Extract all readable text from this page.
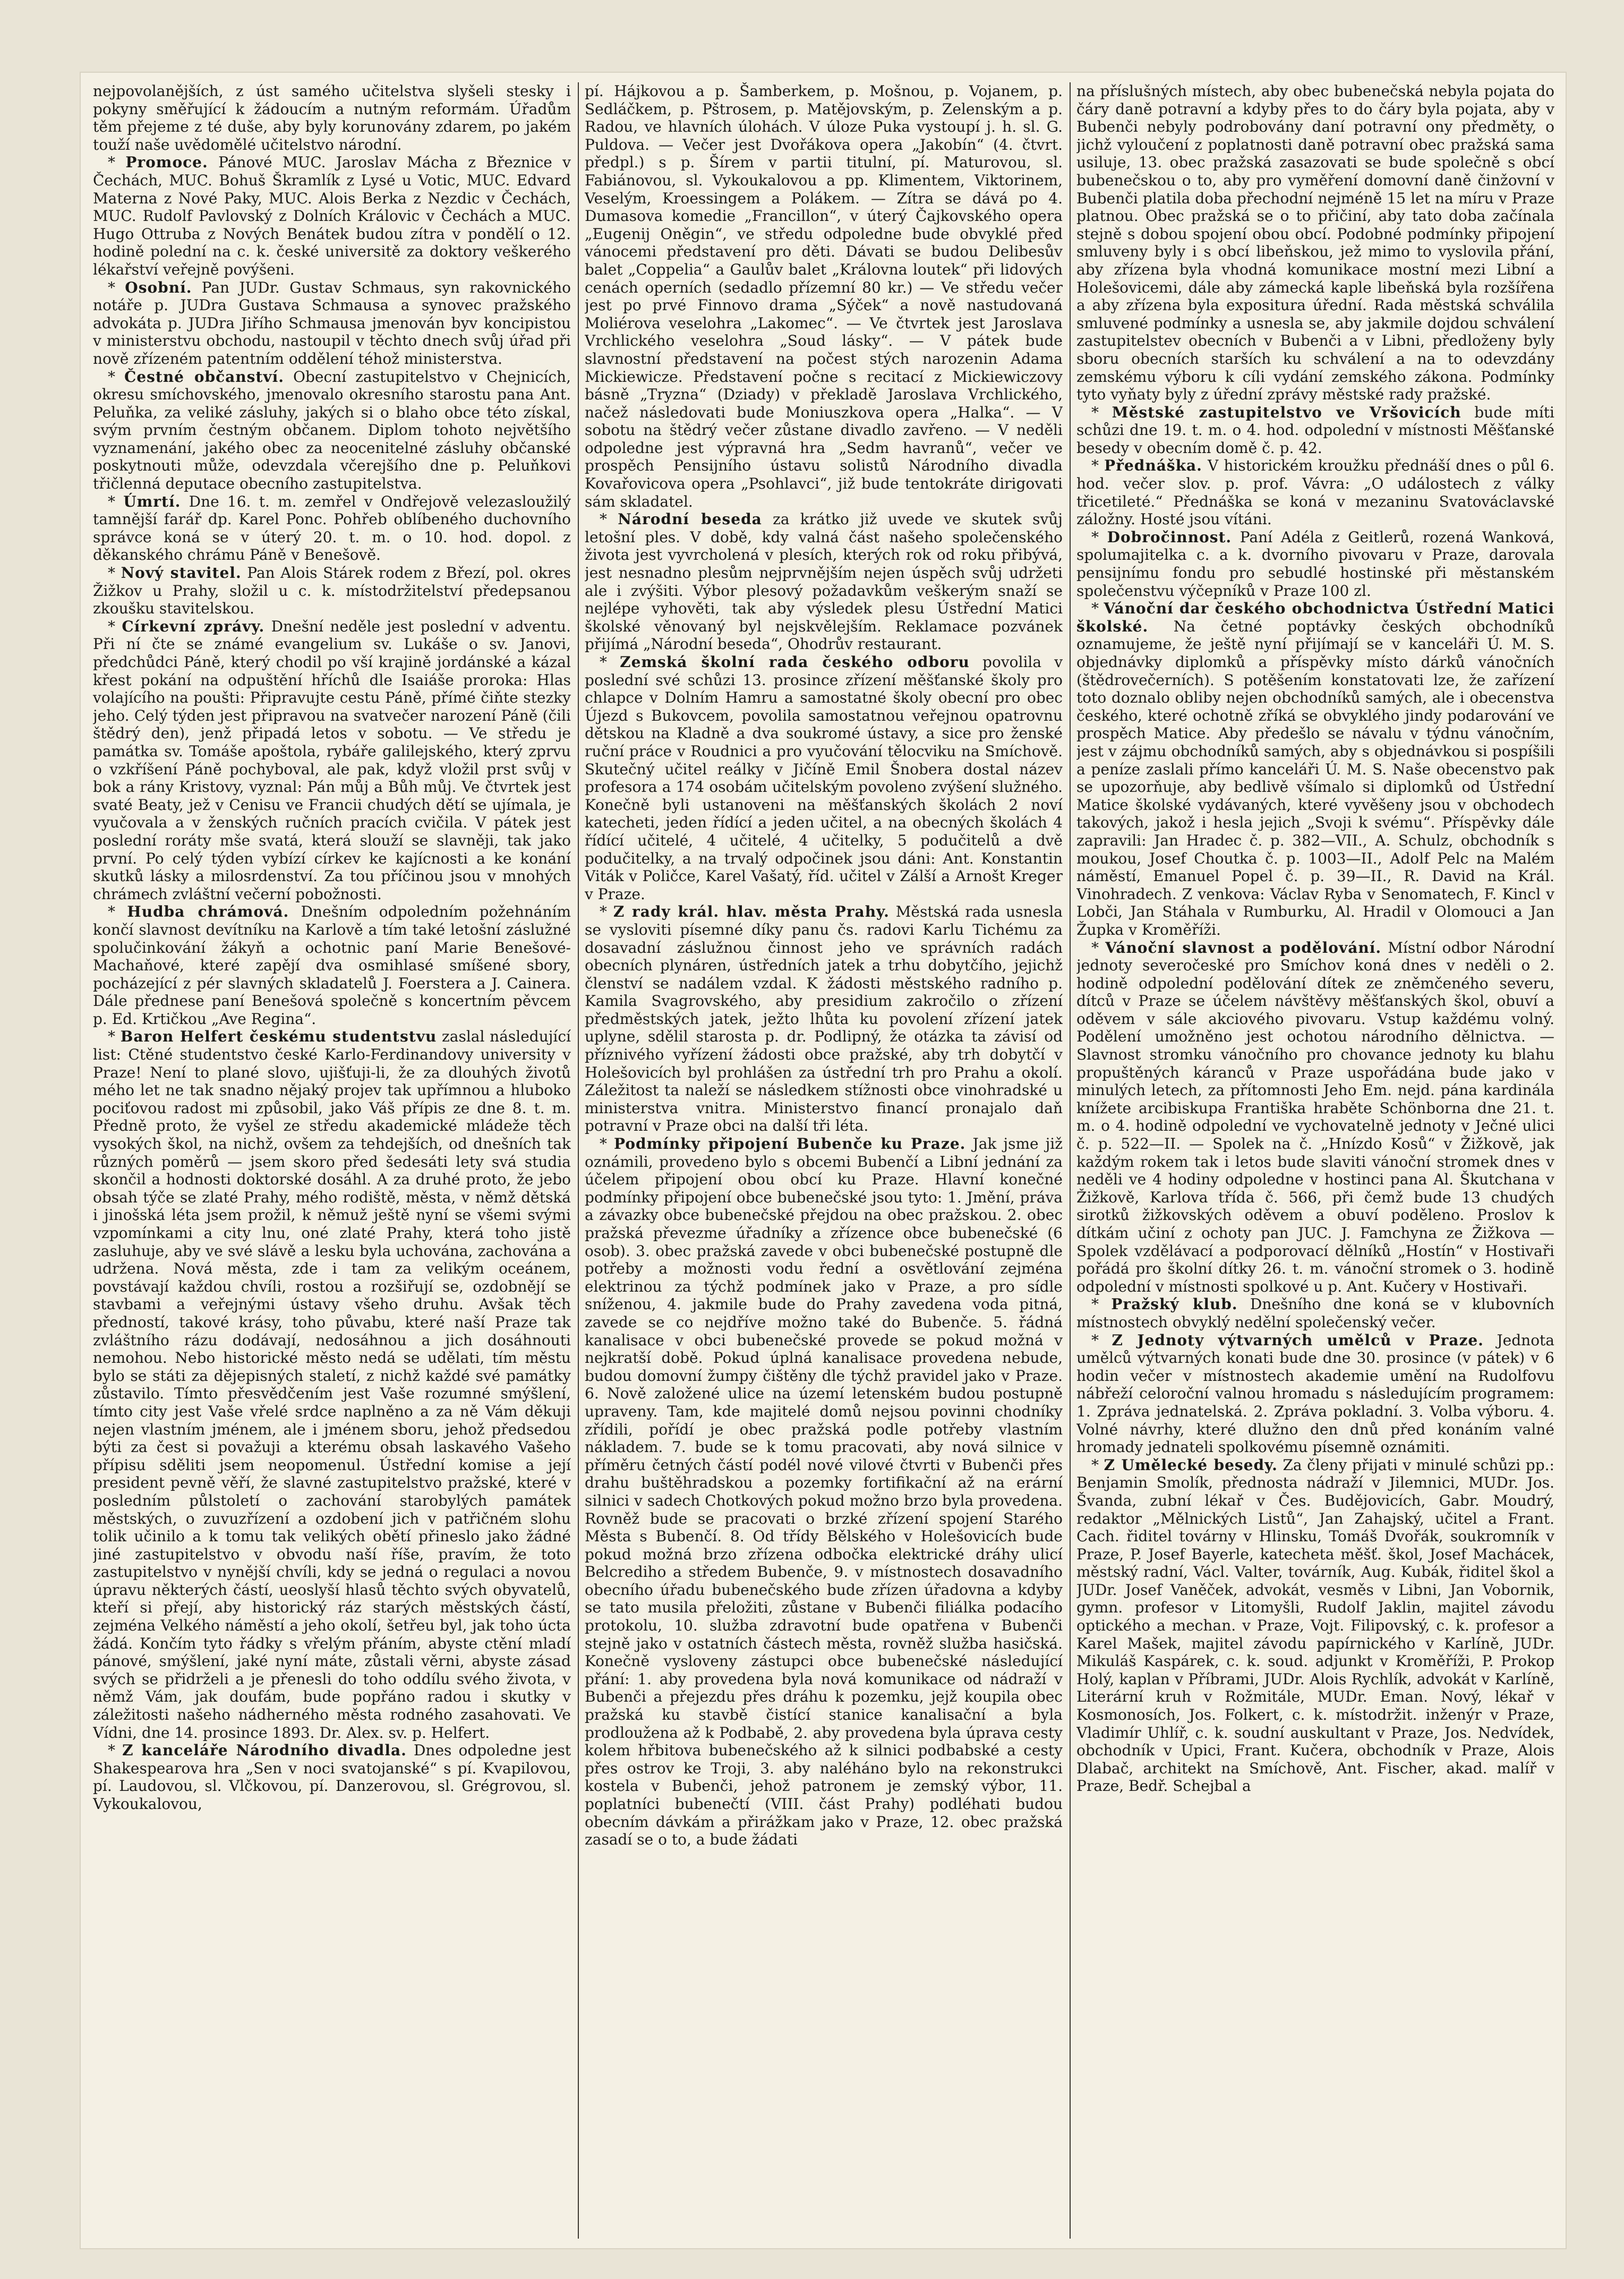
nejpovolanějších, z úst samého učitelstva slyšeli stesky i pokyny směřující k žádoucím a nutným reformám. Úřadům těm přejeme z té duše, aby byly korunovány zdarem, po jakém touží naše uvědomělé učitelstvo národní.

* Promoce. Pánové MUC. Jaroslav Mácha z Březnice v Čechách, MUC. Bohuš Škramlík z Lysé u Votic, MUC. Edvard Materna z Nové Paky, MUC. Alois Berka z Nezdic v Čechách, MUC. Rudolf Pavlovský z Dolních Královic v Čechách a MUC. Hugo Ottruba z Nových Benátek budou zítra v pondělí o 12. hodině polední na c. k. české universitě za doktory veškerého lékařství veřejně povýšeni.

* Osobní. Pan JUDr. Gustav Schmaus, syn rakovnického notáře p. JUDra Gustava Schmausa a synovec pražského advokáta p. JUDra Jiřího Schmausa jmenován byv koncipistou v ministerstvu obchodu, nastoupil v těchto dnech svůj úřad při nově zřízeném patentním oddělení téhož ministerstva.

* Čestné občanství. Obecní zastupitelstvo v Chejnicích, okresu smíchovského, jmenovalo okresního starostu pana Ant. Peluňka, za veliké zásluhy, jakých si o blaho obce této získal, svým prvním čestným občanem. Diplom tohoto největšího vyznamenání, jakého obec za neocenitelné zásluhy občanské poskytnouti může, odevzdala včerejšího dne p. Peluňkovi třičlenná deputace obecního zastupitelstva.

* Úmrtí. Dne 16. t. m. zemřel v Ondřejově velezasloužilý tamnější farář dp. Karel Ponc. Pohřeb oblíbeného duchovního správce koná se v úterý 20. t. m. o 10. hod. dopol. z děkanského chrámu Páně v Benešově.

* Nový stavitel. Pan Alois Stárek rodem z Březí, pol. okres Žižkov u Prahy, složil u c. k. místodržitelství předepsanou zkoušku stavitelskou.

* Církevní zprávy. Dnešní neděle jest poslední v adventu. Při ní čte se známé evangelium sv. Lukáše o sv. Janovi, předchůdci Páně, který chodil po vší krajině jordánské a kázal křest pokání na odpuštění hříchů dle Isaiáše proroka: Hlas volajícího na poušti: Připravujte cestu Páně, přímé čiňte stezky jeho. Celý týden jest připravou na svatvečer narození Páně (čili štědrý den), jenž připadá letos v sobotu. — Ve středu je památka sv. Tomáše apoštola, rybáře galilejského, který zprvu o vzkříšení Páně pochyboval, ale pak, když vložil prst svůj v bok a rány Kristovy, vyznal: Pán můj a Bůh můj. Ve čtvrtek jest svaté Beaty, jež v Cenisu ve Francii chudých dětí se ujímala, je vyučovala a v ženských ručních pracích cvičila. V pátek jest poslední roráty mše svatá, která slouží se slavněji, tak jako první. Po celý týden vybízí církev ke kajícnosti a ke konání skutků lásky a milosrdenství. Za tou příčinou jsou v mnohých chrámech zvláštní večerní pobožnosti.

* Hudba chrámová. Dnešním odpoledním požehnáním končí slavnost devítníku na Karlově a tím také letošní záslužné spolučinkování žákyň a ochotnic paní Marie Benešové-Machaňové, které zapějí dva osmihlasé smíšené sbory, pocházející z pér slavných skladatelů J. Foerstera a J. Cainera. Dále přednese paní Benešová společně s koncertním pěvcem p. Ed. Krtičkou „Ave Regina“.

* Baron Helfert českému studentstvu zaslal následující list: Ctěné studentstvo české Karlo-Ferdinandovy university v Praze! Není to plané slovo, ujišťuji-li, že za dlouhých životů mého let ne tak snadno nějaký projev tak upřímnou a hluboko pociťovou radost mi způsobil, jako Váš přípis ze dne 8. t. m. Předně proto, že vyšel ze středu akademické mládeže těch vysokých škol, na nichž, ovšem za tehdejších, od dnešních tak různých poměrů — jsem skoro před šedesáti lety svá studia skončil a hodnosti doktorské dosáhl. A za druhé proto, že jebo obsah týče se zlaté Prahy, mého rodiště, města, v němž dětská i jinošská léta jsem prožil, k němuž ještě nyní se všemi svými vzpomínkami a city lnu, oné zlaté Prahy, která toho jistě zasluhuje, aby ve své slávě a lesku byla uchována, zachována a udržena. Nová města, zde i tam za velikým oceánem, povstávají každou chvíli, rostou a rozšiřují se, ozdobnějí se stavbami a veřejnými ústavy všeho druhu. Avšak těch předností, takové krásy, toho půvabu, které naší Praze tak zvláštního rázu dodávají, nedosáhnou a jich dosáhnouti nemohou. Nebo historické město nedá se udělati, tím městu bylo se státi za dějepisných staletí, z nichž každé své památky zůstavilo. Tímto přesvědčením jest Vaše rozumné smýšlení, tímto city jest Vaše vřelé srdce naplněno a za ně Vám děkuji nejen vlastním jménem, ale i jménem sboru, jehož předsedou býti za čest si považuji a kterému obsah laskavého Vašeho přípisu sděliti jsem neopomenul. Ústřední komise a její president pevně věří, že slavné zastupitelstvo pražské, které v posledním půlstoletí o zachování starobylých památek městských, o zuvuzřízení a ozdobení jich v patřičném slohu tolik učinilo a k tomu tak velikých obětí přineslo jako žádné jiné zastupitelstvo v obvodu naší říše, pravím, že toto zastupitelstvo v nynější chvíli, kdy se jedná o regulaci a novou úpravu některých částí, ueoslyší hlasů těchto svých obyvatelů, kteří si přejí, aby historický ráz starých městských částí, zejména Velkého náměstí a jeho okolí, šetřeu byl, jak toho úcta žádá. Končím tyto řádky s vřelým přáním, abyste ctění mladí pánové, smýšlení, jaké nyní máte, zůstali věrni, abyste zásad svých se přidrželi a je přenesli do toho oddílu svého života, v němž Vám, jak doufám, bude popřáno radou i skutky v záležitosti našeho nádherného města rodného zasahovati. Ve Vídni, dne 14. prosince 1893. Dr. Alex. sv. p. Helfert.

* Z kanceláře Národního divadla. Dnes odpoledne jest Shakespearova hra „Sen v noci svatojanské“ s pí. Kvapilovou, pí. Laudovou, sl. Vlčkovou, pí. Danzerovou, sl. Grégrovou, sl. Vykoukalovou,

pí. Hájkovou a p. Šamberkem, p. Mošnou, p. Vojanem, p. Sedláčkem, p. Pštrosem, p. Matějovským, p. Zelenským a p. Radou, ve hlavních úlohách. V úloze Puka vystoupí j. h. sl. G. Puldova. — Večer jest Dvořákova opera „Jakobín“ (4. čtvrt. předpl.) s p. Šírem v partii titulní, pí. Maturovou, sl. Fabiánovou, sl. Vykoukalovou a pp. Klimentem, Viktorinem, Veselým, Kroessingem a Polákem. — Zítra se dává po 4. Dumasova komedie „Francillon“, v úterý Čajkovského opera „Eugenij Oněgin“, ve středu odpoledne bude obvyklé před vánocemi představení pro děti. Dávati se budou Delibesův balet „Coppelia“ a Gaulův balet „Královna loutek“ při lidových cenách operních (sedadlo přízemní 80 kr.) — Ve středu večer jest po prvé Finnovo drama „Sýček“ a nově nastudovaná Moliérova veselohra „Lakomec“. — Ve čtvrtek jest Jaroslava Vrchlického veselohra „Soud lásky“. — V pátek bude slavnostní představení na počest stých narozenin Adama Mickiewicze. Představení počne s recitací z Mickiewiczovy básně „Tryzna“ (Dziady) v překladě Jaroslava Vrchlického, načež následovati bude Moniuszkova opera „Halka“. — V sobotu na štědrý večer zůstane divadlo zavřeno. — V neděli odpoledne jest výpravná hra „Sedm havranů“, večer ve prospěch Pensijního ústavu solistů Národního divadla Kovařovicova opera „Psohlavci“, již bude tentokráte dirigovati sám skladatel.

* Národní beseda za krátko již uvede ve skutek svůj letošní ples. V době, kdy valná část našeho společenského života jest vyvrcholená v plesích, kterých rok od roku přibývá, jest nesnadno plesům nejprvnějším nejen úspěch svůj udržeti ale i zvýšiti. Výbor plesový požadavkům veškerým snaží se nejlépe vyhověti, tak aby výsledek plesu Ústřední Matici školské věnovaný byl nejskvělejším. Reklamace pozvánek přijímá „Národní beseda“, Ohodrův restaurant.

* Zemská školní rada českého odboru povolila v poslední své schůzi 13. prosince zřízení měšťanské školy pro chlapce v Dolním Hamru a samostatné školy obecní pro obec Újezd s Bukovcem, povolila samostatnou veřejnou opatrovnu dětskou na Kladně a dva soukromé ústavy, a sice pro ženské ruční práce v Roudnici a pro vyučování tělocviku na Smíchově. Skutečný učitel reálky v Jičíně Emil Šnobera dostal název profesora a 174 osobám učitelským povoleno zvýšení služného. Konečně byli ustanoveni na měšťanských školách 2 noví katecheti, jeden řídící a jeden učitel, a na obecných školách 4 řídící učitelé, 4 učitelé, 4 učitelky, 5 podučitelů a dvě podučitelky, a na trvalý odpočinek jsou dáni: Ant. Konstantin Viták v Poličce, Karel Vašatý, říd. učitel v Zálší a Arnošt Kreger v Praze.

* Z rady král. hlav. města Prahy. Městská rada usnesla se vysloviti písemné díky panu čs. radovi Karlu Tichému za dosavadní záslužnou činnost jeho ve správních radách obecních plynáren, ústředních jatek a trhu dobytčího, jejichž členství se nadálem vzdal. K žádosti městského radního p. Kamila Svagrovského, aby presidium zakročilo o zřízení předměstských jatek, ježto lhůta ku povolení zřízení jatek uplyne, sdělil starosta p. dr. Podlipný, že otázka ta závisí od příznivého vyřízení žádosti obce pražské, aby trh dobytčí v Holešovicích byl prohlášen za ústřední trh pro Prahu a okolí. Záležitost ta naleží se následkem stížnosti obce vinohradské u ministerstva vnitra. Ministerstvo financí pronajalo daň potravní v Praze obci na další tři léta.

* Podmínky připojení Bubenče ku Praze. Jak jsme již oznámili, provedeno bylo s obcemi Bubenčí a Libní jednání za účelem připojení obou obcí ku Praze. Hlavní konečné podmínky připojení obce bubenečské jsou tyto: 1. Jmění, práva a závazky obce bubenečské přejdou na obec pražskou. 2. obec pražská převezme úřadníky a zřízence obce bubenečské (6 osob). 3. obec pražská zavede v obci bubenečské postupně dle potřeby a možnosti vodu řední a osvětlování zejména elektrinou za týchž podmínek jako v Praze, a pro sídle sníženou, 4. jakmile bude do Prahy zavedena voda pitná, zavede se co nejdříve možno také do Bubenče. 5. řádná kanalisace v obci bubenečské provede se pokud možná v nejkratší době. Pokud úplná kanalisace provedena nebude, budou domovní žumpy čištěny dle týchž pravidel jako v Praze. 6. Nově založené ulice na území letenském budou postupně upraveny. Tam, kde majitelé domů nejsou povinni chodníky zřídili, pořídí je obec pražská podle potřeby vlastním nákladem. 7. bude se k tomu pracovati, aby nová silnice v příměru četných částí podél nové vilové čtvrti v Bubenči přes drahu buštěhradskou a pozemky fortifikační až na erární silnici v sadech Chotkových pokud možno brzo byla provedena. Rovněž bude se pracovati o brzké zřízení spojení Starého Města s Bubenčí. 8. Od třídy Bělského v Holešovicích bude pokud možná brzo zřízena odbočka elektrické dráhy ulicí Belcrediho a středem Bubenče, 9. v místnostech dosavadního obecního úřadu bubenečského bude zřízen úřadovna a kdyby se tato musila přeložiti, zůstane v Bubenči filiálka podacího protokolu, 10. služba zdravotní bude opatřena v Bubenči stejně jako v ostatních částech města, rovněž služba hasičská. Konečně vysloveny zástupci obce bubenečské následující přání: 1. aby provedena byla nová komunikace od nádraží v Bubenči a přejezdu přes dráhu k pozemku, jejž koupila obec pražská ku stavbě čistící stanice kanalisační a byla prodloužena až k Podbabě, 2. aby provedena byla úprava cesty kolem hřbitova bubenečského až k silnici podbabské a cesty přes ostrov ke Troji, 3. aby naléháno bylo na rekonstrukci kostela v Bubenči, jehož patronem je zemský výbor, 11. poplatníci bubenečtí (VIII. část Prahy) podléhati budou obecním dávkám a přirážkam jako v Praze, 12. obec pražská zasadí se o to, a bude žádati

na příslušných místech, aby obec bubenečská nebyla pojata do čáry daně potravní a kdyby přes to do čáry byla pojata, aby v Bubenči nebyly podrobovány daní potravní ony předměty, o jichž vyloučení z poplatnosti daně potravní obec pražská sama usiluje, 13. obec pražská zasazovati se bude společně s obcí bubenečskou o to, aby pro vyměření domovní daně činžovní v Bubenči platila doba přechodní nejméně 15 let na míru v Praze platnou. Obec pražská se o to přičiní, aby tato doba začínala stejně s dobou spojení obou obcí. Podobné podmínky připojení smluveny byly i s obcí libeňskou, jež mimo to vyslovila přání, aby zřízena byla vhodná komunikace mostní mezi Libní a Holešovicemi, dále aby zámecká kaple libeňská byla rozšířena a aby zřízena byla expositura úřední. Rada městská schválila smluvené podmínky a usnesla se, aby jakmile dojdou schválení zastupitelstev obecních v Bubenči a v Libni, předloženy byly sboru obecních starších ku schválení a na to odevzdány zemskému výboru k cíli vydání zemského zákona. Podmínky tyto vyňaty byly z úřední zprávy městské rady pražské.

* Městské zastupitelstvo ve Vršovicích bude míti schůzi dne 19. t. m. o 4. hod. odpolední v místnosti Měšťanské besedy v obecním domě č. p. 42.

* Přednáška. V historickém kroužku přednáší dnes o půl 6. hod. večer slov. p. prof. Vávra: „O událostech z války třicetileté.“ Přednáška se koná v mezaninu Svatováclavské záložny. Hosté jsou vítáni.

* Dobročinnost. Paní Adéla z Geitlerů, rozená Wanková, spolumajitelka c. a k. dvorního pivovaru v Praze, darovala pensijnímu fondu pro sebudlé hostinské při městanském společenstvu výčepníků v Praze 100 zl.

* Vánoční dar českého obchodnictva Ústřední Matici školské. Na četné poptávky českých obchodníků oznamujeme, že ještě nyní přijímají se v kanceláři Ú. M. S. objednávky diplomků a příspěvky místo dárků vánočních (štědrovečerních). S potěšením konstatovati lze, že zařízení toto doznalo obliby nejen obchodníků samých, ale i obecenstva českého, které ochotně zříká se obvyklého jindy podarování ve prospěch Matice. Aby předešlo se návalu v týdnu vánočním, jest v zájmu obchodníků samých, aby s objednávkou si pospíšili a peníze zaslali přímo kanceláři Ú. M. S. Naše obecenstvo pak se upozorňuje, aby bedlivě všímalo si diplomků od Ústřední Matice školské vydávaných, které vyvěšeny jsou v obchodech takových, jakož i hesla jejich „Svoji k svému“. Příspěvky dále zapravili: Jan Hradec č. p. 382—VII., A. Schulz, obchodník s moukou, Josef Choutka č. p. 1003—II., Adolf Pelc na Malém náměstí, Emanuel Popel č. p. 39—II., R. David na Král. Vinohradech. Z venkova: Václav Ryba v Senomatech, F. Kincl v Lobči, Jan Stáhala v Rumburku, Al. Hradil v Olomouci a Jan Župka v Kroměříži.

* Vánoční slavnost a podělování. Místní odbor Národní jednoty severočeské pro Smíchov koná dnes v neděli o 2. hodině odpolední podělování dítek ze zněmčeného severu, dítců v Praze se účelem návštěvy měšťanských škol, obuví a oděvem v sále akciového pivovaru. Vstup každému volný. Podělení umožněno jest ochotou národního dělnictva. — Slavnost stromku vánočního pro chovance jednoty ku blahu propuštěných káranců v Praze uspořádána bude jako v minulých letech, za přítomnosti Jeho Em. nejd. pána kardinála knížete arcibiskupa Františka hraběte Schönborna dne 21. t. m. o 4. hodině odpolední ve vychovatelně jednoty v Ječné ulici č. p. 522—II. — Spolek na č. „Hnízdo Kosů“ v Žižkově, jak každým rokem tak i letos bude slaviti vánoční stromek dnes v neděli ve 4 hodiny odpoledne v hostinci pana Al. Škutchana v Žižkově, Karlova třída č. 566, při čemž bude 13 chudých sirotků žižkovských oděvem a obuví poděleno. Proslov k dítkám učiní z ochoty pan JUC. J. Famchyna ze Žižkova — Spolek vzdělávací a podporovací dělníků „Hostín“ v Hostivaři pořádá pro školní dítky 26. t. m. vánoční stromek o 3. hodině odpolední v místnosti spolkové u p. Ant. Kučery v Hostivaři.

* Pražský klub. Dnešního dne koná se v klubovních místnostech obvyklý nedělní společenský večer.

* Z Jednoty výtvarných umělců v Praze. Jednota umělců výtvarných konati bude dne 30. prosince (v pátek) v 6 hodin večer v místnostech akademie umění na Rudolfovu nábřeží celoroční valnou hromadu s následujícím programem: 1. Zpráva jednatelská. 2. Zpráva pokladní. 3. Volba výboru. 4. Volné návrhy, které dlužno den dnů před konáním valné hromady jednateli spolkovému písemně oznámiti.

* Z Umělecké besedy. Za členy přijati v minulé schůzi pp.: Benjamin Smolík, přednosta nádraží v Jilemnici, MUDr. Jos. Švanda, zubní lékař v Čes. Budějovicích, Gabr. Moudrý, redaktor „Mělnických Listů“, Jan Zahajský, učitel a Frant. Cach. řiditel továrny v Hlinsku, Tomáš Dvořák, soukromník v Praze, P. Josef Bayerle, katecheta měšť. škol, Josef Machácek, městský radní, Václ. Valter, továrník, Aug. Kubák, řiditel škol a JUDr. Josef Vaněček, advokát, vesměs v Libni, Jan Vobornik, gymn. profesor v Litomyšli, Rudolf Jaklin, majitel závodu optického a mechan. v Praze, Vojt. Filipovský, c. k. profesor a Karel Mašek, majitel závodu papírnického v Karlíně, JUDr. Mikuláš Kaspárek, c. k. soud. adjunkt v Kroměříži, P. Prokop Holý, kaplan v Příbrami, JUDr. Alois Rychlík, advokát v Karlíně, Literární kruh v Rožmitále, MUDr. Eman. Nový, lékař v Kosmonosích, Jos. Folkert, c. k. místodržit. inženýr v Praze, Vladimír Uhlíř, c. k. soudní auskultant v Praze, Jos. Nedvídek, obchodník v Upici, Frant. Kučera, obchodník v Praze, Alois Dlabač, architekt na Smíchově, Ant. Fischer, akad. malíř v Praze, Bedř. Schejbal a
